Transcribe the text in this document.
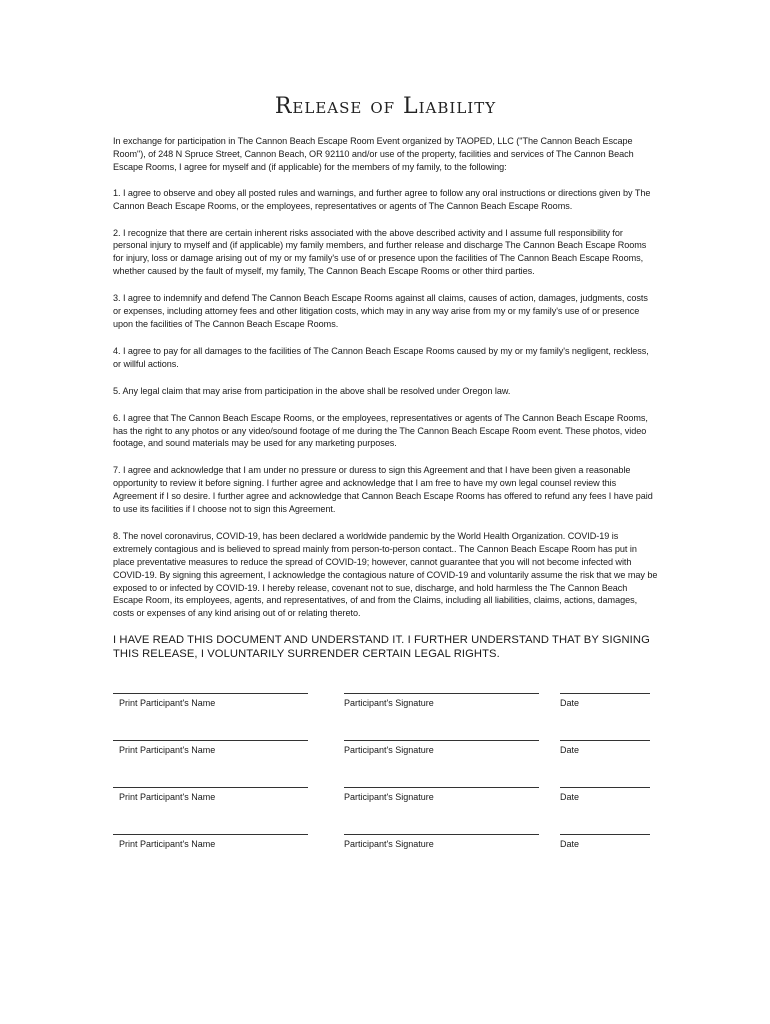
Release of Liability

In exchange for participation in The Cannon Beach Escape Room Event organized by TAOPED, LLC ("The Cannon Beach Escape Room"), of 248 N Spruce Street, Cannon Beach, OR 92110 and/or use of the property, facilities and services of The Cannon Beach Escape Rooms, I agree for myself and (if applicable) for the members of my family, to the following:

1. I agree to observe and obey all posted rules and warnings, and further agree to follow any oral instructions or directions given by The Cannon Beach Escape Rooms, or the employees, representatives or agents of The Cannon Beach Escape Rooms.

2. I recognize that there are certain inherent risks associated with the above described activity and I assume full responsibility for personal injury to myself and (if applicable) my family members, and further release and discharge The Cannon Beach Escape Rooms for injury, loss or damage arising out of my or my family's use of or presence upon the facilities of The Cannon Beach Escape Rooms, whether caused by the fault of myself, my family, The Cannon Beach Escape Rooms or other third parties.

3. I agree to indemnify and defend The Cannon Beach Escape Rooms against all claims, causes of action, damages, judgments, costs or expenses, including attorney fees and other litigation costs, which may in any way arise from my or my family's use of or presence upon the facilities of The Cannon Beach Escape Rooms.

4. I agree to pay for all damages to the facilities of The Cannon Beach Escape Rooms caused by my or my family's negligent, reckless, or willful actions.

5. Any legal claim that may arise from participation in the above shall be resolved under Oregon law.

6. I agree that The Cannon Beach Escape Rooms, or the employees, representatives or agents of The Cannon Beach Escape Rooms, has the right to any photos or any video/sound footage of me during the The Cannon Beach Escape Room event. These photos, video footage, and sound materials may be used for any marketing purposes.

7. I agree and acknowledge that I am under no pressure or duress to sign this Agreement and that I have been given a reasonable opportunity to review it before signing. I further agree and acknowledge that I am free to have my own legal counsel review this Agreement if I so desire. I further agree and acknowledge that Cannon Beach Escape Rooms has offered to refund any fees I have paid to use its facilities if I choose not to sign this Agreement.

8. The novel coronavirus, COVID-19, has been declared a worldwide pandemic by the World Health Organization. COVID-19 is extremely contagious and is believed to spread mainly from person-to-person contact.. The Cannon Beach Escape Room has put in place preventative measures to reduce the spread of COVID-19; however, cannot guarantee that you will not become infected with COVID-19. By signing this agreement, I acknowledge the contagious nature of COVID-19 and voluntarily assume the risk that we may be exposed to or infected by COVID-19. I hereby release, covenant not to sue, discharge, and hold harmless the The Cannon Beach Escape Room, its employees, agents, and representatives, of and from the Claims, including all liabilities, claims, actions, damages, costs or expenses of any kind arising out of or relating thereto.

I HAVE READ THIS DOCUMENT AND UNDERSTAND IT. I FURTHER UNDERSTAND THAT BY SIGNING THIS RELEASE, I VOLUNTARILY SURRENDER CERTAIN LEGAL RIGHTS.

Print Participant's Name	Participant's Signature	Date
Print Participant's Name	Participant's Signature	Date
Print Participant's Name	Participant's Signature	Date
Print Participant's Name	Participant's Signature	Date
